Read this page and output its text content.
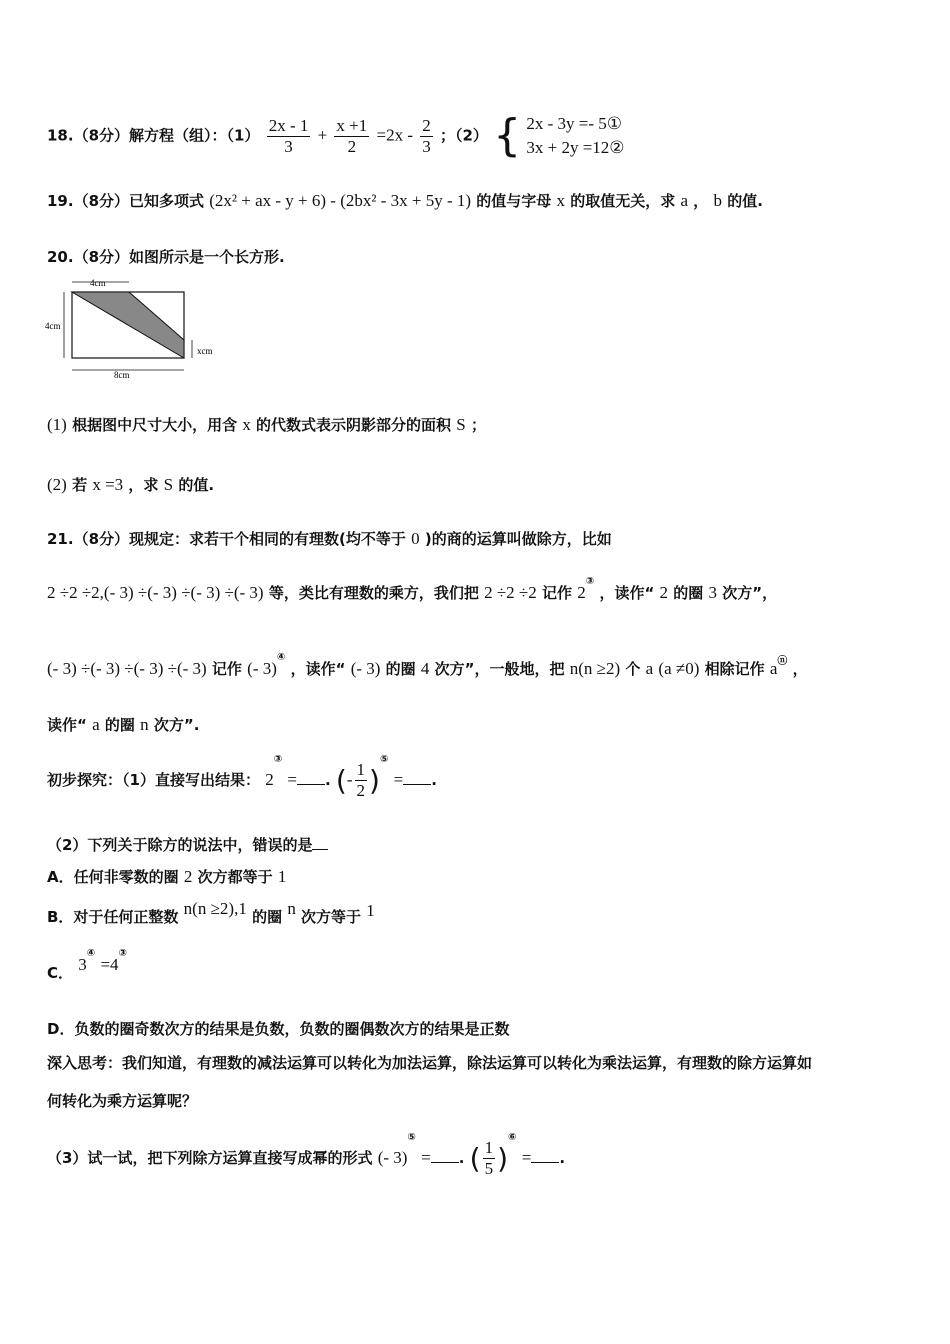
18.（8分）解方程（组）：$(1) \frac{2x - 1}{3} + \frac{x +1}{2} =2x - \frac{2}{3}$ ；（2） { 2x - 3y =- 5①
3x + 2y =12②
19.（8分）已知多项式 (2x² + ax - y + 6) - (2bx² - 3x + 5y - 1) 的值与字母 x 的取值无关，求 a ， b 的值.
20.（8分）如图所示是一个长方形.
4cm
4cm
xcm
8cm
(1) 根据图中尺寸大小，用含 x 的代数式表示阴影部分的面积 S ；
(2) 若 x =3 ，求 S 的值.
21.（8分）现规定：求若干个相同的有理数(均不等于 0 )的商的运算叫做除方，比如
2 ÷2 ÷2,(- 3) ÷(- 3) ÷(- 3) ÷(- 3) 等，类比有理数的乘方，我们把 2 ÷2 ÷2 记作 2③ ，读作“ 2 的圈 3 次方”，
(- 3) ÷(- 3) ÷(- 3) ÷(- 3) 记作 (- 3)④ ，读作“ (- 3) 的圈 4 次方”，一般地，把 n(n ≥2) 个 a (a ≠0) 相除记作 aⓝ ，
读作“ a 的圈 n 次方”.
初步探究：（1）直接写出结果： 2③ = . (- $\frac{1}{2} )^⑤$ = .
（2）下列关于除方的说法中，错误的是
A．任何非零数的圈 2 次方都等于 1
B．对于任何正整数 n(n ≥2),1 的圈 n 次方等于 1
C． 3④ =4③
D．负数的圈奇数次方的结果是负数，负数的圈偶数次方的结果是正数
深入思考：我们知道，有理数的减法运算可以转化为加法运算，除法运算可以转化为乘法运算，有理数的除方运算如
何转化为乘方运算呢？
（3）试一试，把下列除方运算直接写成幂的形式 (- 3)⑤ = . ( $\frac{1}{5} )^⑥$ = .
